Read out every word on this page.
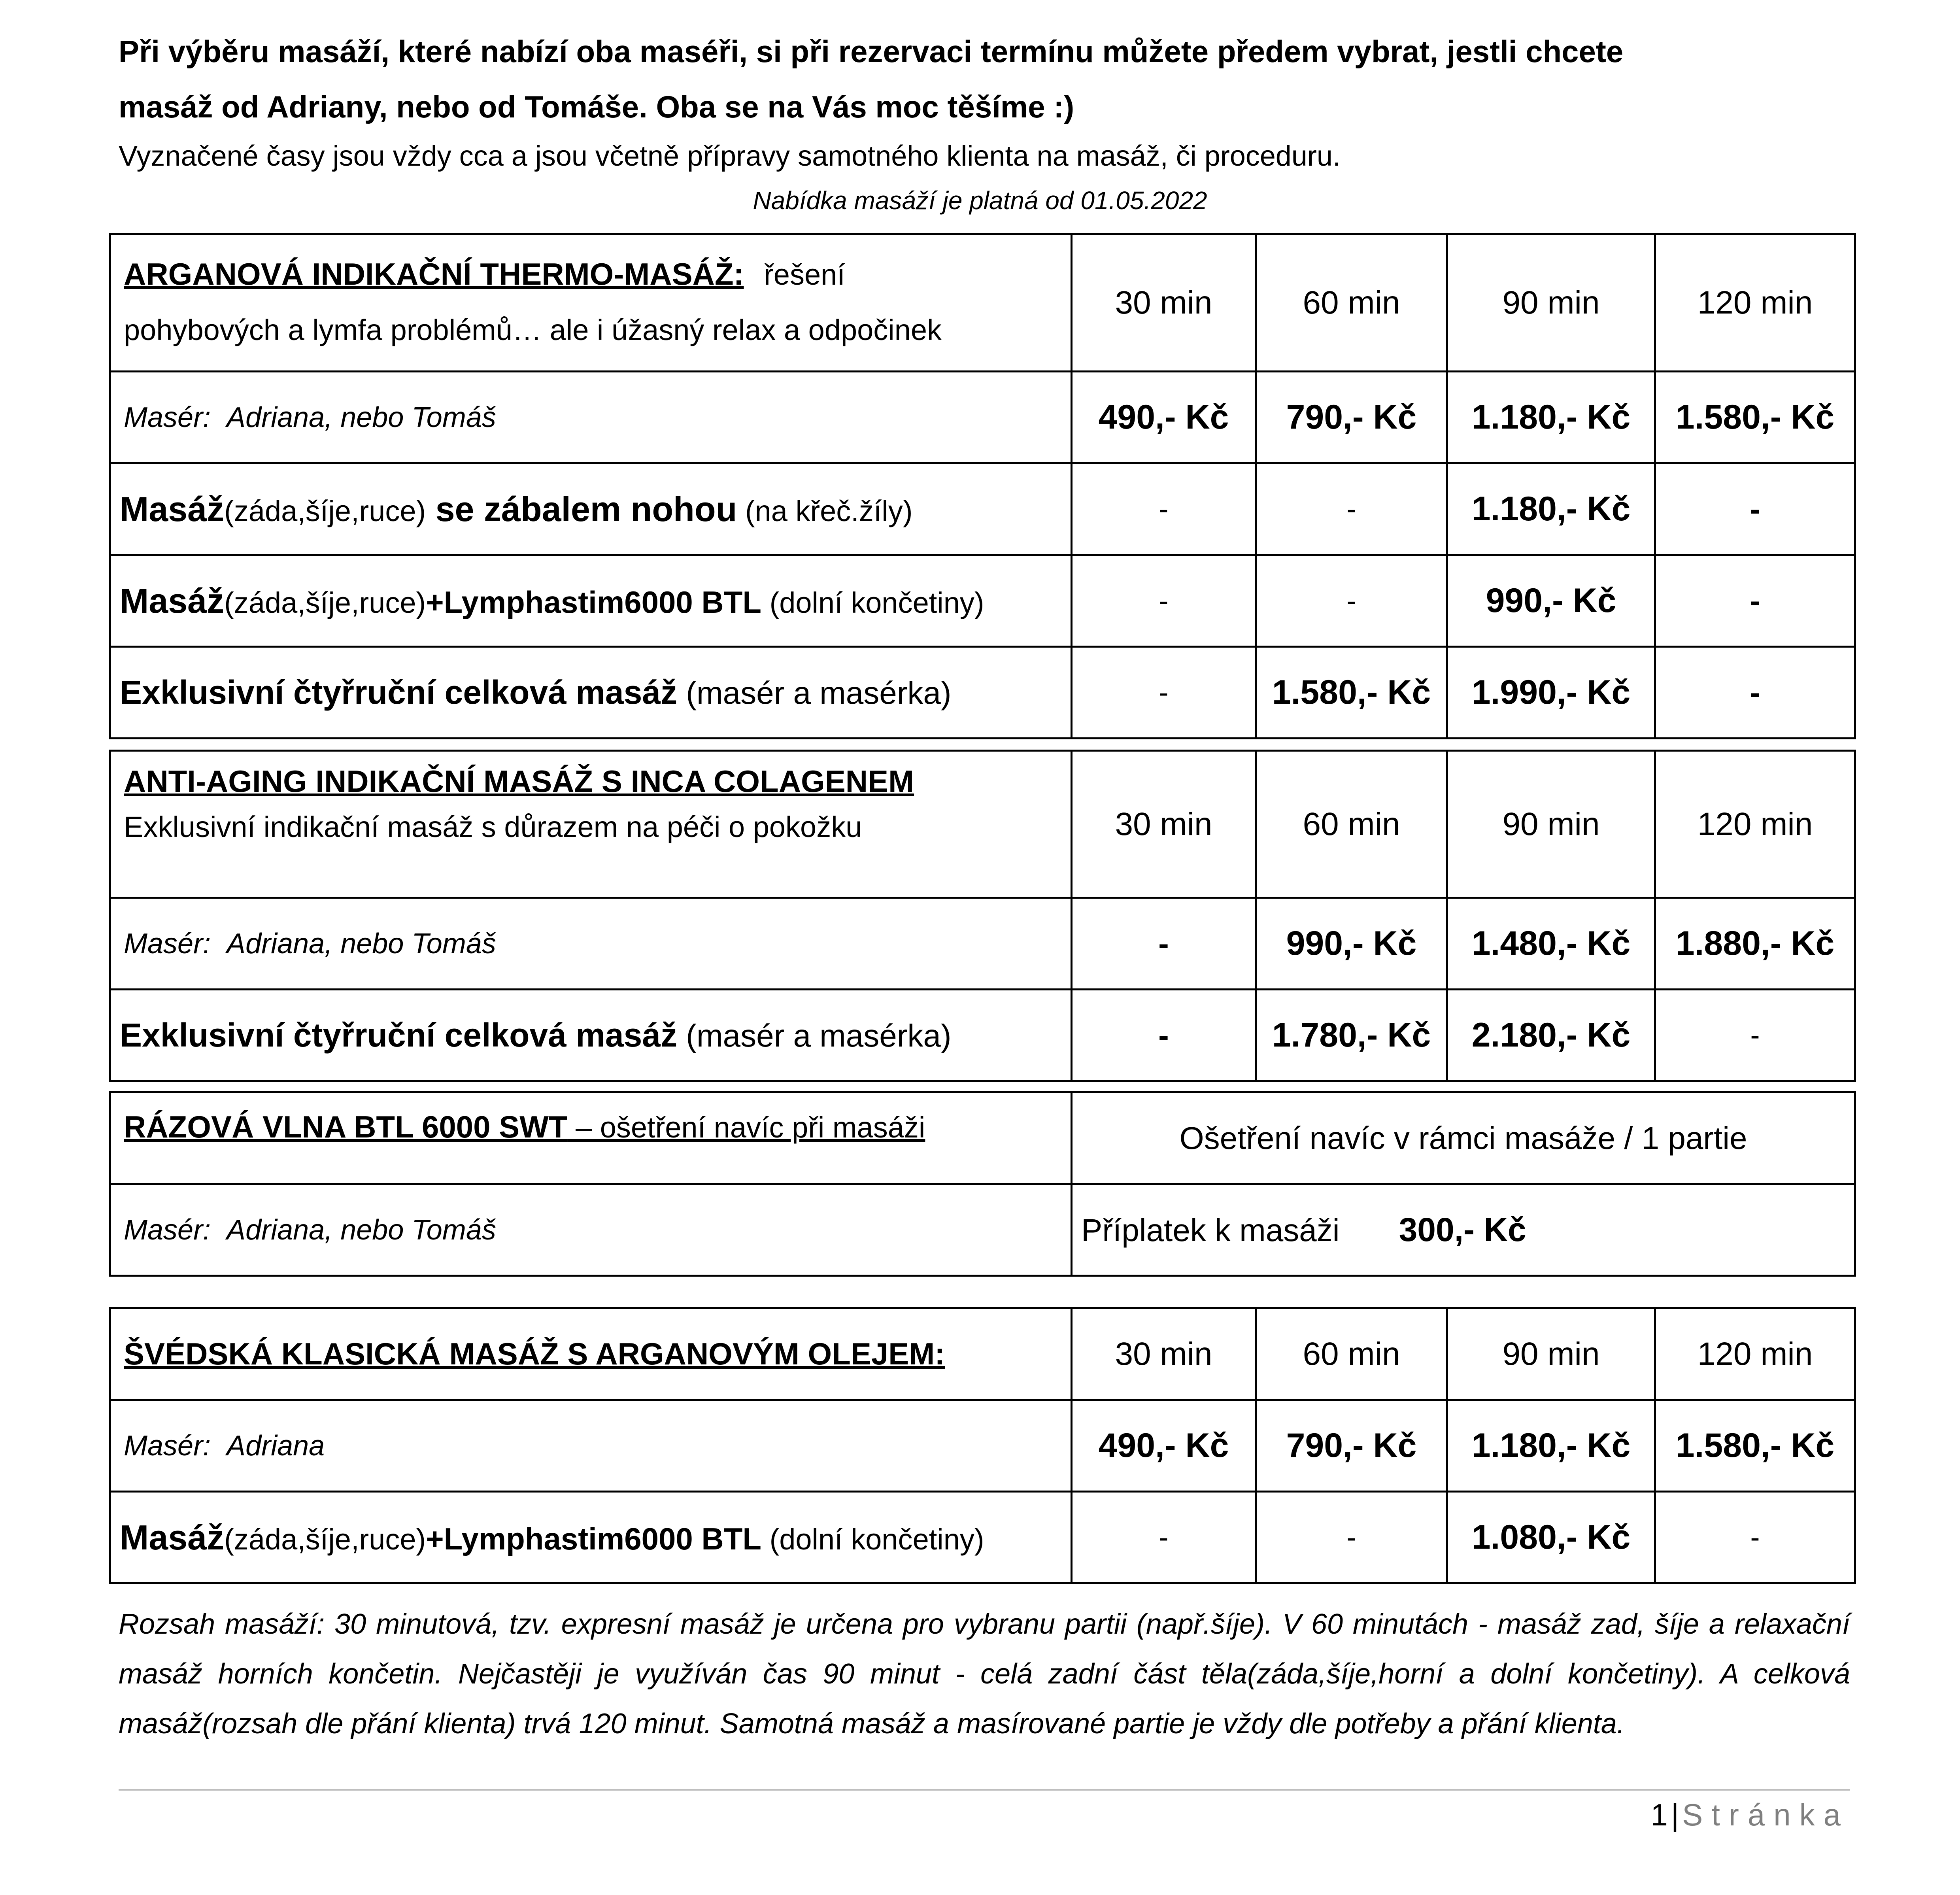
Při výběru masáží, které nabízí oba maséři, si při rezervaci termínu můžete předem vybrat, jestli chcete

masáž od Adriany, nebo od Tomáše. Oba se na Vás moc těšíme :)

Vyznačené časy jsou vždy cca a jsou včetně přípravy samotného klienta na masáž, či proceduru.

Nabídka masáží je platná od 01.05.2022
ARGANOVÁ INDIKAČNÍ THERMO-MASÁŽ: řešení
pohybových a lymfa problémů… ale i úžasný relax a odpočinek	30 min	60 min	90 min	120 min
Masér: Adriana, nebo Tomáš	490,- Kč	790,- Kč	1.180,- Kč	1.580,- Kč
Masáž(záda,šíje,ruce) se zábalem nohou (na křeč.žíly)	-	-	1.180,- Kč	-
Masáž(záda,šíje,ruce)+Lymphastim6000 BTL (dolní končetiny)	-	-	990,- Kč	-
Exklusivní čtyřruční celková masáž (masér a masérka)	-	1.580,- Kč	1.990,- Kč	-
ANTI-AGING INDIKAČNÍ MASÁŽ S INCA COLAGENEM
Exklusivní indikační masáž s důrazem na péči o pokožku	30 min	60 min	90 min	120 min
Masér: Adriana, nebo Tomáš	-	990,- Kč	1.480,- Kč	1.880,- Kč
Exklusivní čtyřruční celková masáž (masér a masérka)	-	1.780,- Kč	2.180,- Kč	-
RÁZOVÁ VLNA BTL 6000 SWT – ošetření navíc při masáži	Ošetření navíc v rámci masáže / 1 partie
Masér: Adriana, nebo Tomáš	Příplatek k masáži 300,- Kč
ŠVÉDSKÁ KLASICKÁ MASÁŽ S ARGANOVÝM OLEJEM:	30 min	60 min	90 min	120 min
Masér: Adriana	490,- Kč	790,- Kč	1.180,- Kč	1.580,- Kč
Masáž(záda,šíje,ruce)+Lymphastim6000 BTL (dolní končetiny)	-	-	1.080,- Kč	-
Rozsah masáží: 30 minutová, tzv. expresní masáž je určena pro vybranu partii (např.šíje). V 60 minutách - masáž zad, šíje a relaxační masáž horních končetin. Nejčastěji je využíván čas 90 minut - celá zadní část těla(záda,šíje,horní a dolní končetiny). A celková masáž(rozsah dle přání klienta) trvá 120 minut. Samotná masáž a masírované partie je vždy dle potřeby a přání klienta.
1 | Stránka
